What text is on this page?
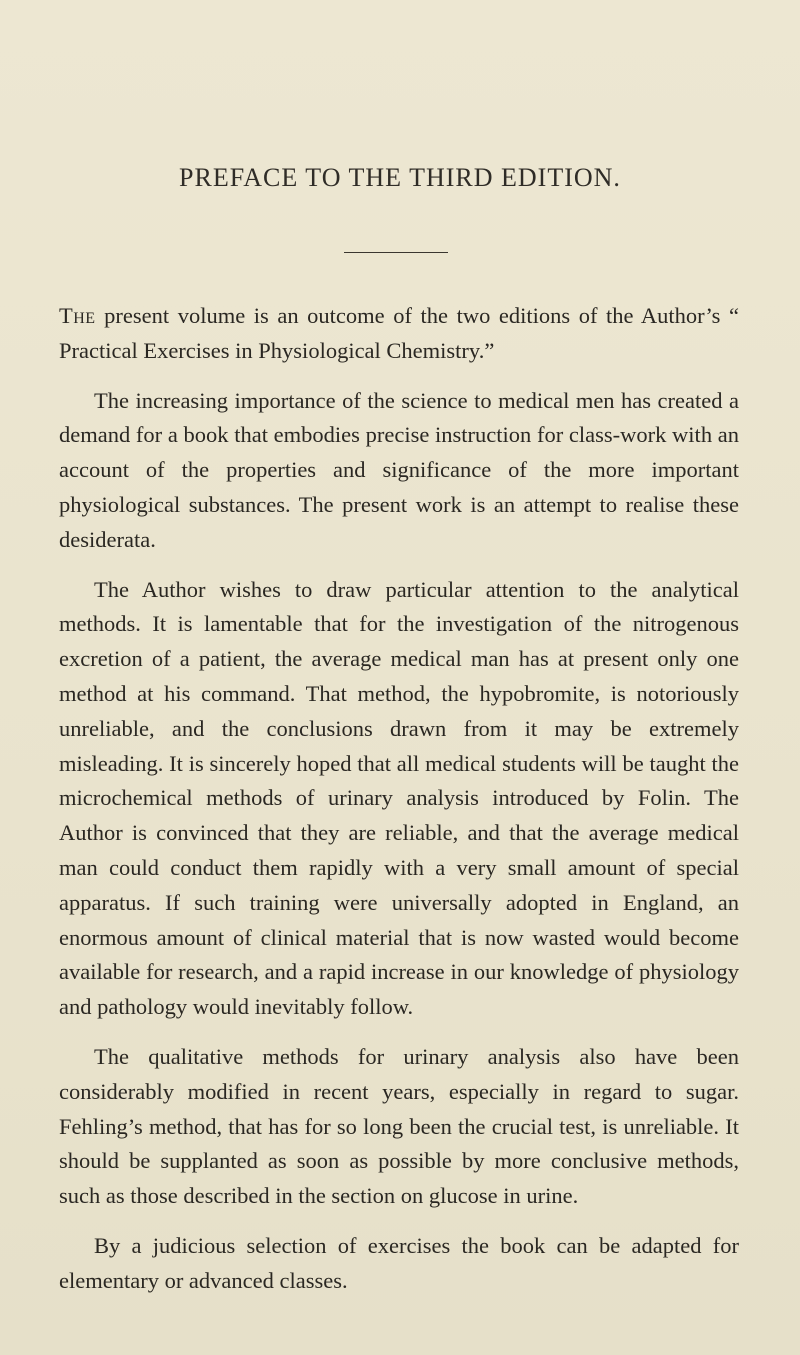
PREFACE TO THE THIRD EDITION.

The present volume is an outcome of the two editions of the Author’s “ Practical Exercises in Physiological Chemistry.”

The increasing importance of the science to medical men has created a demand for a book that embodies precise instruction for class-work with an account of the properties and significance of the more important physiological substances. The present work is an attempt to realise these desiderata.

The Author wishes to draw particular attention to the analytical methods. It is lamentable that for the investigation of the nitrogenous excretion of a patient, the average medical man has at present only one method at his command. That method, the hypobromite, is notoriously unreliable, and the conclusions drawn from it may be extremely misleading. It is sincerely hoped that all medical students will be taught the microchemical methods of urinary analysis introduced by Folin. The Author is convinced that they are reliable, and that the average medical man could conduct them rapidly with a very small amount of special apparatus. If such training were universally adopted in England, an enormous amount of clinical material that is now wasted would become available for research, and a rapid increase in our knowledge of physiology and pathology would inevitably follow.

The qualitative methods for urinary analysis also have been considerably modified in recent years, especially in regard to sugar. Fehling’s method, that has for so long been the crucial test, is unreliable. It should be supplanted as soon as possible by more conclusive methods, such as those described in the section on glucose in urine.

By a judicious selection of exercises the book can be adapted for elementary or advanced classes.
